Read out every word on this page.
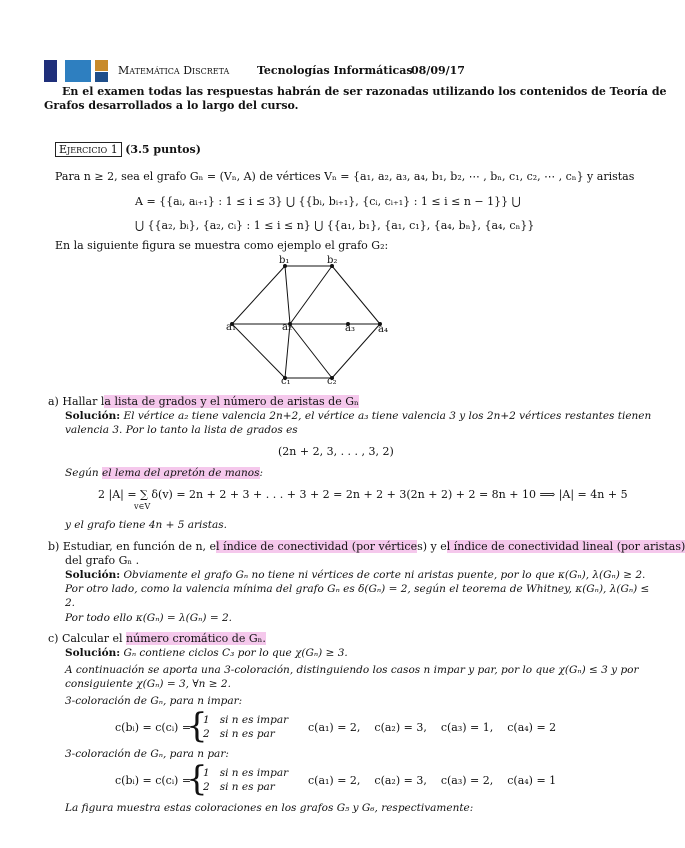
Matemática Discreta	Tecnologías Informáticas
08/09/17
En el examen todas las respuestas habrán de ser razonadas utilizando los contenidos de Teoría de
Grafos desarrollados a lo largo del curso.
Ejercicio 1 (3.5 puntos)
Para n ≥ 2, sea el grafo Gₙ = (Vₙ, A) de vértices Vₙ = {a₁, a₂, a₃, a₄, b₁, b₂, ⋯ , bₙ, c₁, c₂, ⋯ , cₙ} y aristas
A = {{aᵢ, aᵢ₊₁} : 1 ≤ i ≤ 3} ⋃ {{bᵢ, bᵢ₊₁}, {cᵢ, cᵢ₊₁} : 1 ≤ i ≤ n − 1}} ⋃
⋃ {{a₂, bᵢ}, {a₂, cᵢ} : 1 ≤ i ≤ n} ⋃ {{a₁, b₁}, {a₁, c₁}, {a₄, bₙ}, {a₄, cₙ}}
En la siguiente figura se muestra como ejemplo el grafo G₂:
b₁	b₂
a₁	a₂	a₃ a₄
c₁	c₂
a) Hallar la lista de grados y el número de aristas de Gₙ
Solución: El vértice a₂ tiene valencia 2n+2, el vértice a₃ tiene valencia 3 y los 2n+2 vértices restantes tienen
valencia 3. Por lo tanto la lista de grados es
(2n + 2, 3, . . . , 3, 2)
Según el lema del apretón de manos:
2 |A| = ∑ δ(v) = 2n + 2 + 3 + . . . + 3 + 2 = 2n + 2 + 3(2n + 2) + 2 = 8n + 10 ⟹ |A| = 4n + 5
v∈V
y el grafo tiene 4n + 5 aristas.
b) Estudiar, en función de n, el índice de conectividad (por vértices) y el índice de conectividad lineal (por aristas)
del grafo Gₙ .
Solución: Obviamente el grafo Gₙ no tiene ni vértices de corte ni aristas puente, por lo que κ(Gₙ), λ(Gₙ) ≥ 2.
Por otro lado, como la valencia mínima del grafo Gₙ es δ(Gₙ) = 2, según el teorema de Whitney, κ(Gₙ), λ(Gₙ) ≤
2.
Por todo ello κ(Gₙ) = λ(Gₙ) = 2.
c) Calcular el número cromático de Gₙ.
Solución: Gₙ contiene ciclos C₃ por lo que χ(Gₙ) ≥ 3.
A continuación se aporta una 3-coloración, distinguiendo los casos n impar y par, por lo que χ(Gₙ) ≤ 3 y por
consiguiente χ(Gₙ) = 3, ∀n ≥ 2.
3-coloración de Gₙ, para n impar:
c(bᵢ) = c(cᵢ) =
{
1   si n es impar
2   si n es par	c(a₁) = 2, c(a₂) = 3, c(a₃) = 1, c(a₄) = 2
3-coloración de Gₙ, para n par:
c(bᵢ) = c(cᵢ) =
{
1   si n es impar
2   si n es par	c(a₁) = 2, c(a₂) = 3, c(a₃) = 2, c(a₄) = 1
La figura muestra estas coloraciones en los grafos G₅ y G₆, respectivamente:
